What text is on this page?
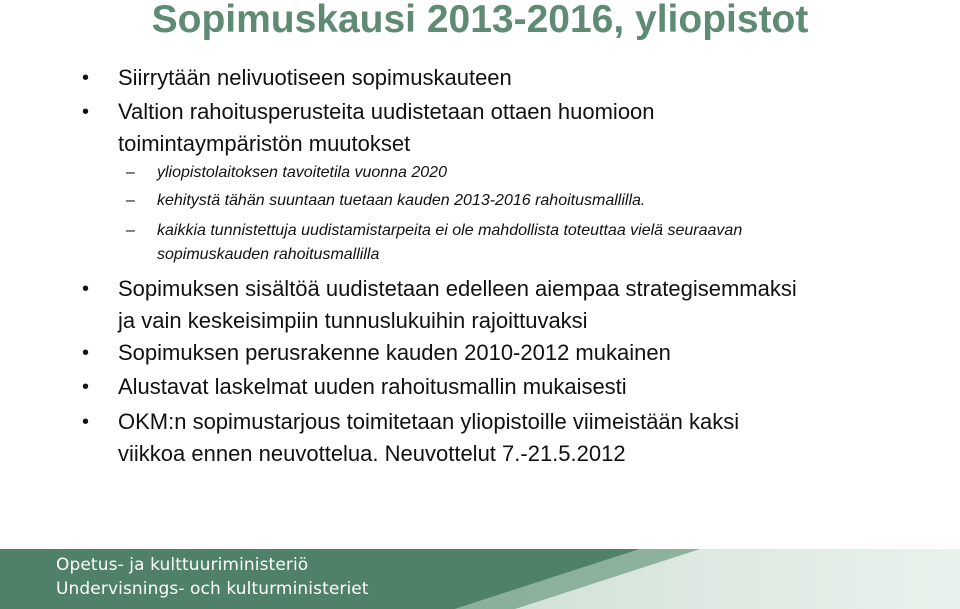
Sopimuskausi 2013-2016, yliopistot
• Siirrytään nelivuotiseen sopimuskauteen
• Valtion rahoitusperusteita uudistetaan ottaen huomioon
toimintaympäristön muutokset
– yliopistolaitoksen tavoitetila vuonna 2020
– kehitystä tähän suuntaan tuetaan kauden 2013-2016 rahoitusmallilla.
– kaikkia tunnistettuja uudistamistarpeita ei ole mahdollista toteuttaa vielä seuraavan
sopimuskauden rahoitusmallilla
• Sopimuksen sisältöä uudistetaan edelleen aiempaa strategisemmaksi
ja vain keskeisimpiin tunnuslukuihin rajoittuvaksi
• Sopimuksen perusrakenne kauden 2010-2012 mukainen
• Alustavat laskelmat uuden rahoitusmallin mukaisesti
• OKM:n sopimustarjous toimitetaan yliopistoille viimeistään kaksi
viikkoa ennen neuvottelua. Neuvottelut 7.-21.5.2012
Opetus- ja kulttuuriministeriö
Undervisnings- och kulturministeriet
